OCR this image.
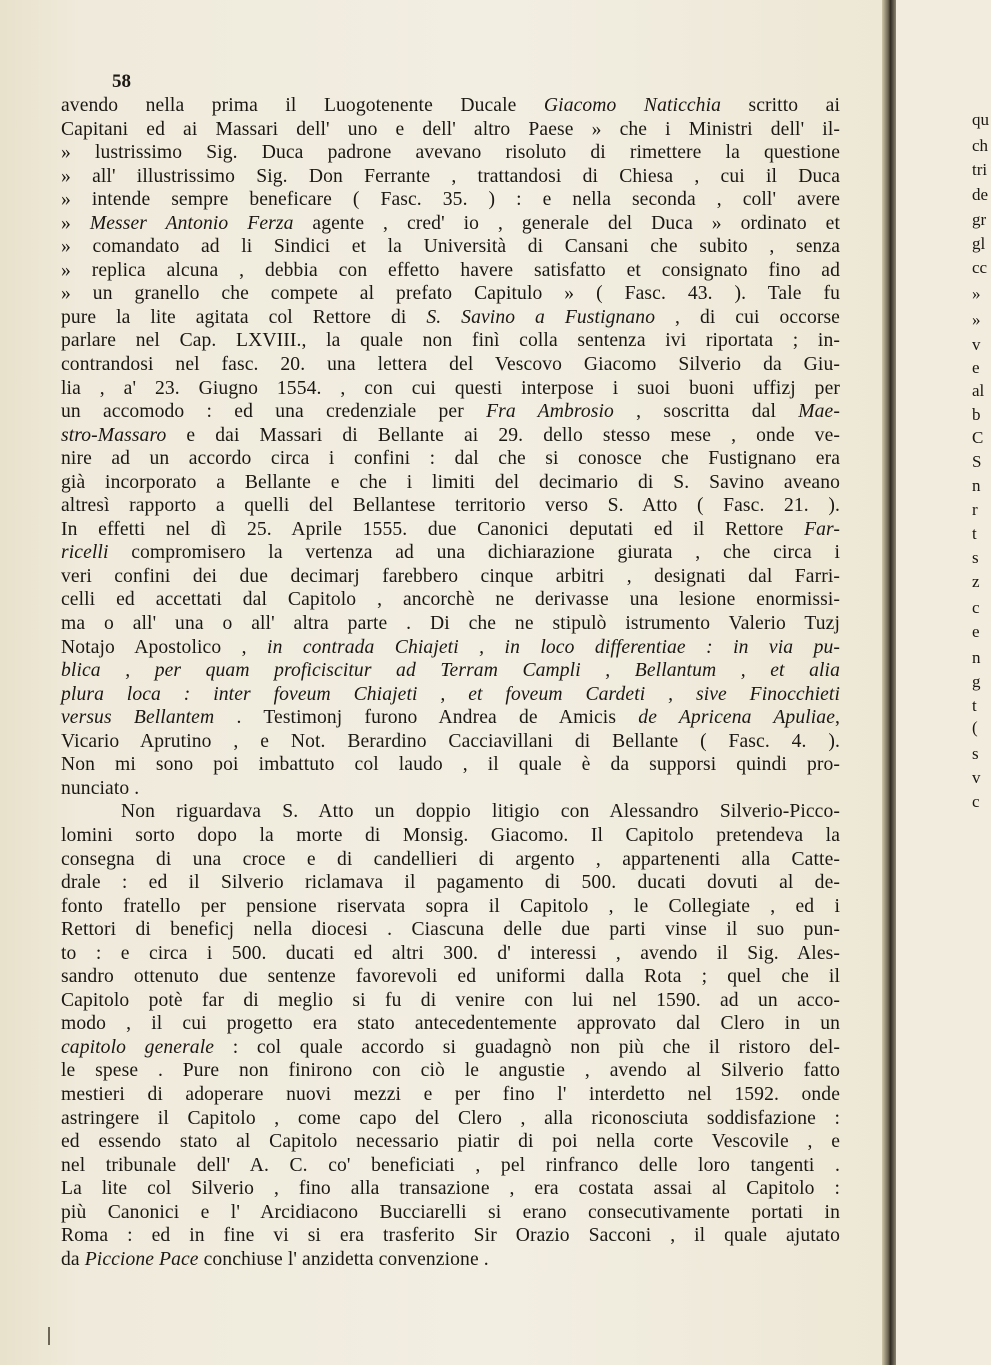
58
avendo nella prima il Luogotenente Ducale Giacomo Naticchia scritto ai
Capitani ed ai Massari dell' uno e dell' altro Paese » che i Ministri dell' il-
» lustrissimo Sig. Duca padrone avevano risoluto di rimettere la questione
» all' illustrissimo Sig. Don Ferrante , trattandosi di Chiesa , cui il Duca
» intende sempre beneficare ( Fasc. 35. ) : e nella seconda , coll' avere
» Messer Antonio Ferza agente , cred' io , generale del Duca » ordinato et
» comandato ad li Sindici et la Università di Cansani che subito , senza
» replica alcuna , debbia con effetto havere satisfatto et consignato fino ad
» un granello che compete al prefato Capitulo » ( Fasc. 43. ). Tale fu
pure la lite agitata col Rettore di S. Savino a Fustignano , di cui occorse
parlare nel Cap. LXVIII., la quale non finì colla sentenza ivi riportata ; in-
contrandosi nel fasc. 20. una lettera del Vescovo Giacomo Silverio da Giu-
lia , a' 23. Giugno 1554. , con cui questi interpose i suoi buoni uffizj per
un accomodo : ed una credenziale per Fra Ambrosio , soscritta dal Mae-
stro-Massaro e dai Massari di Bellante ai 29. dello stesso mese , onde ve-
nire ad un accordo circa i confini : dal che si conosce che Fustignano era
già incorporato a Bellante e che i limiti del decimario di S. Savino aveano
altresì rapporto a quelli del Bellantese territorio verso S. Atto ( Fasc. 21. ).
In effetti nel dì 25. Aprile 1555. due Canonici deputati ed il Rettore Far-
ricelli compromisero la vertenza ad una dichiarazione giurata , che circa i
veri confini dei due decimarj farebbero cinque arbitri , designati dal Farri-
celli ed accettati dal Capitolo , ancorchè ne derivasse una lesione enormissi-
ma o all' una o all' altra parte . Di che ne stipulò istrumento Valerio Tuzj
Notajo Apostolico , in contrada Chiajeti , in loco differentiae : in via pu-
blica , per quam proficiscitur ad Terram Campli , Bellantum , et alia
plura loca : inter foveum Chiajeti , et foveum Cardeti , sive Finocchieti
versus Bellantem . Testimonj furono Andrea de Amicis de Apricena Apuliae,
Vicario Aprutino , e Not. Berardino Cacciavillani di Bellante ( Fasc. 4. ).
Non mi sono poi imbattuto col laudo , il quale è da supporsi quindi pro-
nunciato .
Non riguardava S. Atto un doppio litigio con Alessandro Silverio-Picco-
lomini sorto dopo la morte di Monsig. Giacomo. Il Capitolo pretendeva la
consegna di una croce e di candellieri di argento , appartenenti alla Catte-
drale : ed il Silverio riclamava il pagamento di 500. ducati dovuti al de-
fonto fratello per pensione riservata sopra il Capitolo , le Collegiate , ed i
Rettori di beneficj nella diocesi . Ciascuna delle due parti vinse il suo pun-
to : e circa i 500. ducati ed altri 300. d' interessi , avendo il Sig. Ales-
sandro ottenuto due sentenze favorevoli ed uniformi dalla Rota ; quel che il
Capitolo potè far di meglio si fu di venire con lui nel 1590. ad un acco-
modo , il cui progetto era stato antecedentemente approvato dal Clero in un
capitolo generale : col quale accordo si guadagnò non più che il ristoro del-
le spese . Pure non finirono con ciò le angustie , avendo al Silverio fatto
mestieri di adoperare nuovi mezzi e per fino l' interdetto nel 1592. onde
astringere il Capitolo , come capo del Clero , alla riconosciuta soddisfazione :
ed essendo stato al Capitolo necessario piatir di poi nella corte Vescovile , e
nel tribunale dell' A. C. co' beneficiati , pel rinfranco delle loro tangenti .
La lite col Silverio , fino alla transazione , era costata assai al Capitolo :
più Canonici e l' Arcidiacono Bucciarelli si erano consecutivamente portati in
Roma : ed in fine vi si era trasferito Sir Orazio Sacconi , il quale ajutato
da Piccione Pace conchiuse l' anzidetta convenzione .
qu
ch
tri
de
gr
gl
cc
»
»
v
e
al
b
C
S
n
r
t
s
z
c
e
n
g
t
(
s
v
c
